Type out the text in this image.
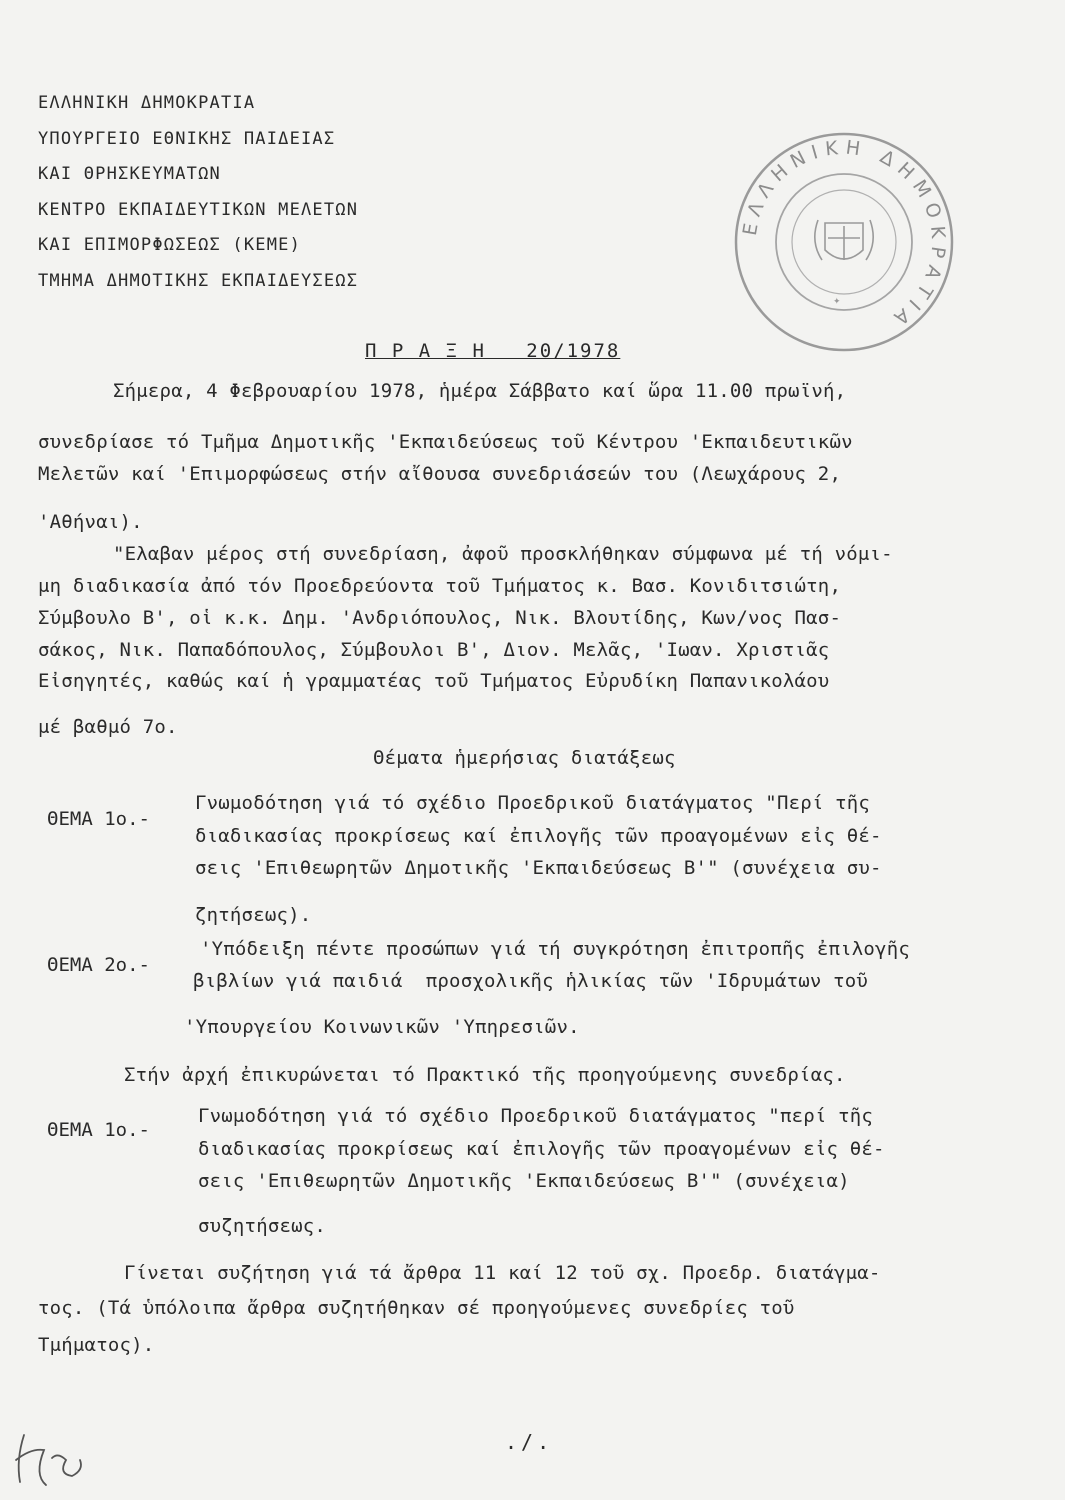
ΕΛΛΗΝΙΚΗ ΔΗΜΟΚΡΑΤΙΑ
ΥΠΟΥΡΓΕΙΟ ΕΘΝΙΚΗΣ ΠΑΙΔΕΙΑΣ
ΚΑΙ ΘΡΗΣΚΕΥΜΑΤΩΝ
ΚΕΝΤΡΟ ΕΚΠΑΙΔΕΥΤΙΚΩΝ ΜΕΛΕΤΩΝ
ΚΑΙ ΕΠΙΜΟΡΦΩΣΕΩΣ (ΚΕΜΕ)
ΤΜΗΜΑ ΔΗΜΟΤΙΚΗΣ ΕΚΠΑΙΔΕΥΣΕΩΣ
ΕΛΛΗΝΙΚΗ ΔΗΜΟΚΡΑΤΙΑ
✦
Π Ρ Α Ξ Η   20/1978
Σήμερα, 4 Φεβρουαρίου 1978, ἡμέρα Σάββατο καί ὥρα 11.00 πρωϊνή,
συνεδρίασε τό Τμῆμα Δημοτικῆς 'Εκπαιδεύσεως τοῦ Κέντρου 'Εκπαιδευτικῶν
Μελετῶν καί 'Επιμορφώσεως στήν αἴθουσα συνεδριάσεών του (Λεωχάρους 2,
'Αθήναι).
"Ελαβαν μέρος στή συνεδρίαση, ἀφοῦ προσκλήθηκαν σύμφωνα μέ τή νόμι-
μη διαδικασία ἀπό τόν Προεδρεύοντα τοῦ Τμήματος κ. Βασ. Κονιδιτσιώτη,
Σύμβουλο Β', οἱ κ.κ. Δημ. 'Ανδριόπουλος, Νικ. Βλουτίδης, Κων/νος Πασ-
σάκος, Νικ. Παπαδόπουλος, Σύμβουλοι Β', Διον. Μελᾶς, 'Ιωαν. Χριστιᾶς
Εἰσηγητές, καθώς καί ἡ γραμματέας τοῦ Τμήματος Εὐρυδίκη Παπανικολάου
μέ βαθμό 7ο.
Θέματα ἡμερήσιας διατάξεως
ΘΕΜΑ 1ο.-
Γνωμοδότηση γιά τό σχέδιο Προεδρικοῦ διατάγματος "Περί τῆς
διαδικασίας προκρίσεως καί ἐπιλογῆς τῶν προαγομένων εἰς θέ-
σεις 'Επιθεωρητῶν Δημοτικῆς 'Εκπαιδεύσεως Β'" (συνέχεια συ-
ζητήσεως).
ΘΕΜΑ 2ο.-
'Υπόδειξη πέντε προσώπων γιά τή συγκρότηση ἐπιτροπῆς ἐπιλογῆς
βιβλίων γιά παιδιά  προσχολικῆς ἡλικίας τῶν 'Ιδρυμάτων τοῦ
'Υπουργείου Κοινωνικῶν 'Υπηρεσιῶν.
Στήν ἀρχή ἐπικυρώνεται τό Πρακτικό τῆς προηγούμενης συνεδρίας.
ΘΕΜΑ 1ο.-
Γνωμοδότηση γιά τό σχέδιο Προεδρικοῦ διατάγματος "περί τῆς
διαδικασίας προκρίσεως καί ἐπιλογῆς τῶν προαγομένων εἰς θέ-
σεις 'Επιθεωρητῶν Δημοτικῆς 'Εκπαιδεύσεως Β'" (συνέχεια)
συζητήσεως.
Γίνεται συζήτηση γιά τά ἄρθρα 11 καί 12 τοῦ σχ. Προεδρ. διατάγμα-
τος. (Τά ὑπόλοιπα ἄρθρα συζητήθηκαν σέ προηγούμενες συνεδρίες τοῦ
Τμήματος).
./.
